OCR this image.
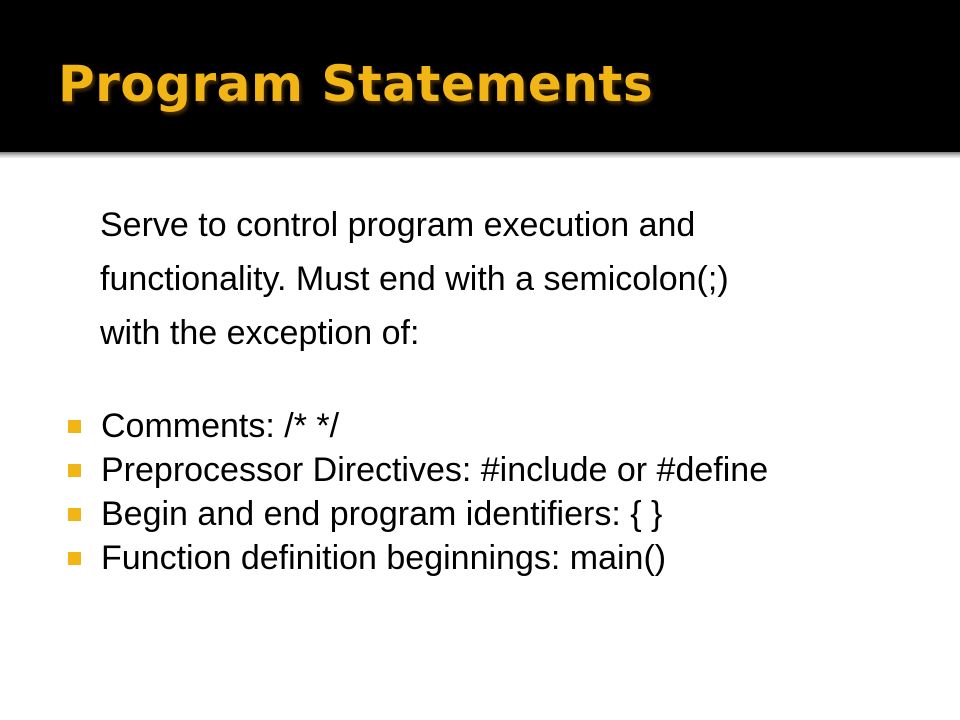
Program Statements

Serve to control program execution and
functionality. Must end with a semicolon(;)
with the exception of:

Comments: /* */
Preprocessor Directives: #include or #define
Begin and end program identifiers: { }
Function definition beginnings: main()
